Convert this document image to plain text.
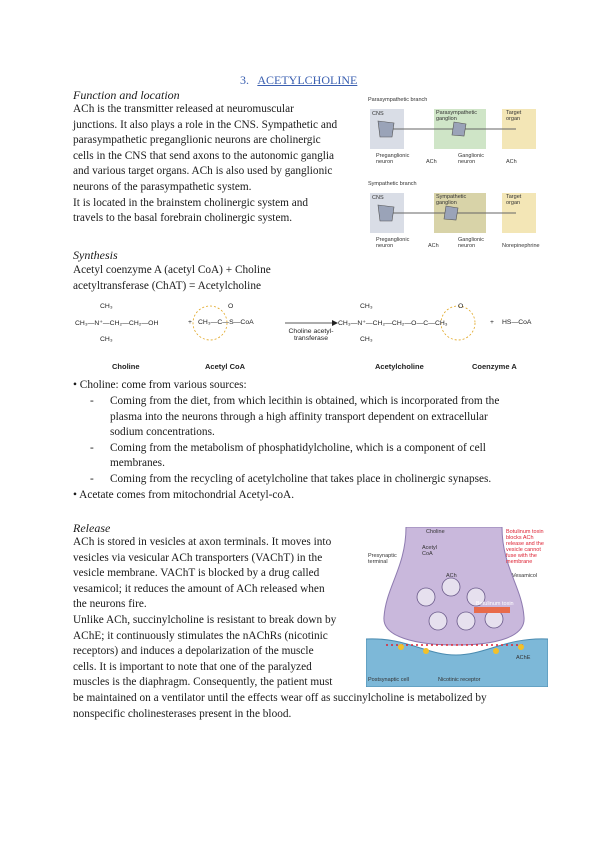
3. ACETYLCHOLINE
Function and location
ACh is the transmitter released at neuromuscular
junctions. It also plays a role in the CNS. Sympathetic and
parasympathetic preganglionic neurons are cholinergic
cells in the CNS that send axons to the autonomic ganglia
and various target organs. ACh is also used by ganglionic
neurons of the parasympathetic system.
It is located in the brainstem cholinergic system and
travels to the basal forebrain cholinergic system.
Parasympathetic branch
CNS	Parasympathetic ganglion
Target organ
Preganglionic neuron	ACh
Ganglionic neuron	ACh
Sympathetic branch
CNS	Sympathetic ganglion
Target organ
Preganglionic neuron	ACh
Ganglionic neuron	Norepinephrine
Synthesis
Acetyl coenzyme A (acetyl CoA) + Choline
acetyltransferase (ChAT) = Acetylcholine
CH₃
CH₃—N⁺—CH₂—CH₂—OH
CH₃
+
O
CH₃—C—S—CoA
Choline acetyl-transferase
CH₃	O
CH₃—N⁺—CH₂—CH₂—O—C—CH₃
CH₃
+ HS—CoA
Choline	Acetyl CoA	Acetylcholine	Coenzyme A
• Choline: come from various sources:
- Coming from the diet, from which lecithin is obtained, which is incorporated from the
plasma into the neurons through a high affinity transport dependent on extracellular
sodium concentrations.
- Coming from the metabolism of phosphatidylcholine, which is a component of cell
membranes.
- Coming from the recycling of acetylcholine that takes place in cholinergic synapses.
• Acetate comes from mitochondrial Acetyl-coA.
Release
ACh is stored in vesicles at axon terminals. It moves into
vesicles via vesicular ACh transporters (VAChT) in the
vesicle membrane. VAChT is blocked by a drug called
vesamicol; it reduces the amount of ACh released when
the neurons fire.
Unlike ACh, succinylcholine is resistant to break down by
AChE; it continuously stimulates the nAChRs (nicotinic
receptors) and induces a depolarization of the muscle
cells. It is important to note that one of the paralyzed
muscles is the diaphragm. Consequently, the patient must
be maintained on a ventilator until the effects wear off as succinylcholine is metabolized by
nonspecific cholinesterases present in the blood.
Choline
Acetyl CoA
Presynaptic terminal
Botulinum toxin blocks ACh release and the vesicle cannot fuse with the membrane
Vesamicol
ACh
Botulinum toxin
Postsynaptic cell	Nicotinic receptor
AChE
